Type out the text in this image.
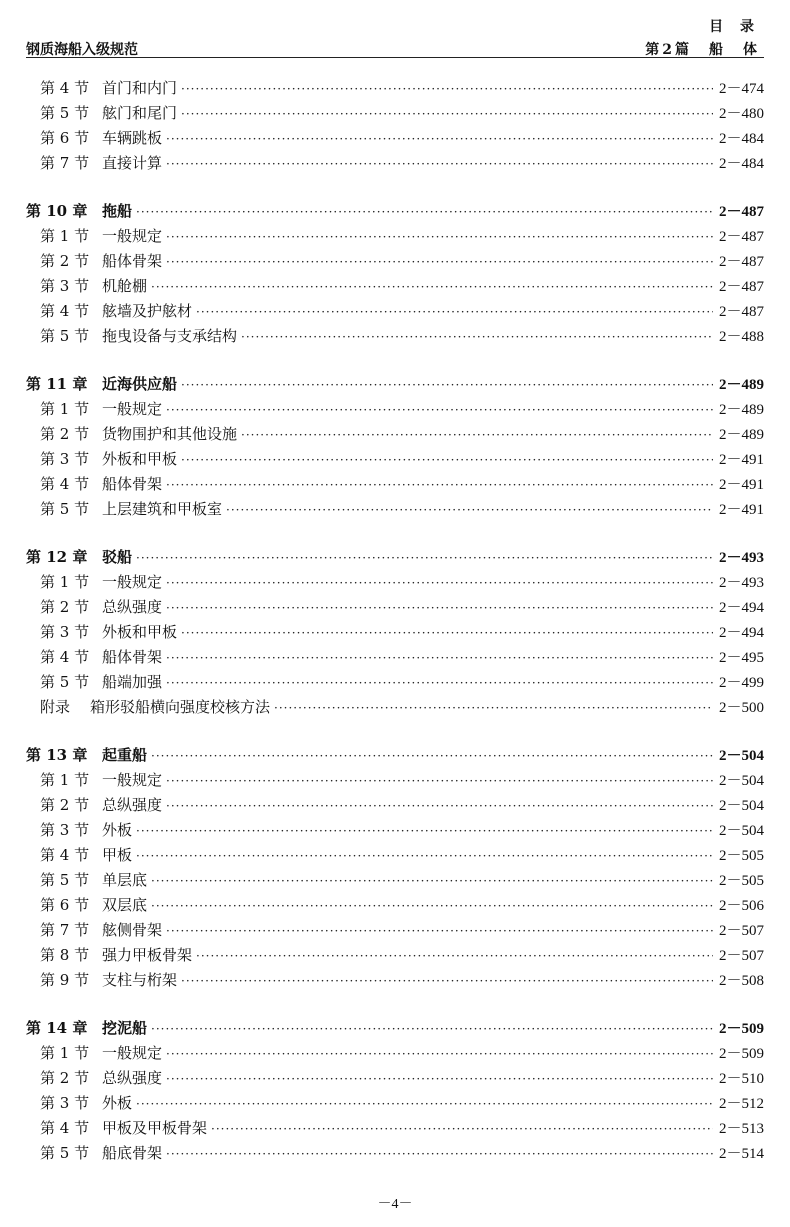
目 录
钢质海船入级规范	第2篇　船　体
第 4 节 首门和内门 ·····	2－474
第 5 节 舷门和尾门 ·····	2－480
第 6 节 车辆跳板 ·····	2－484
第 7 节 直接计算 ·····	2－484
第 10 章 拖船 ·····	2－487
第 1 节 一般规定 ·····	2－487
第 2 节 船体骨架 ·····	2－487
第 3 节 机舱棚 ·····	2－487
第 4 节 舷墙及护舷材 ·····	2－487
第 5 节 拖曳设备与支承结构 ·····	2－488
第 11 章 近海供应船 ·····	2－489
第 1 节 一般规定 ·····	2－489
第 2 节 货物围护和其他设施 ·····	2－489
第 3 节 外板和甲板 ·····	2－491
第 4 节 船体骨架 ·····	2－491
第 5 节 上层建筑和甲板室 ·····	2－491
第 12 章 驳船 ·····	2－493
第 1 节 一般规定 ·····	2－493
第 2 节 总纵强度 ·····	2－494
第 3 节 外板和甲板 ·····	2－494
第 4 节 船体骨架 ·····	2－495
第 5 节 船端加强 ·····	2－499
附录	箱形驳船横向强度校核方法 ·····	2－500
第 13 章 起重船 ·····	2－504
第 1 节 一般规定 ·····	2－504
第 2 节 总纵强度 ·····	2－504
第 3 节 外板 ·····	2－504
第 4 节 甲板 ·····	2－505
第 5 节 单层底 ·····	2－505
第 6 节 双层底 ·····	2－506
第 7 节 舷侧骨架 ·····	2－507
第 8 节 强力甲板骨架 ·····	2－507
第 9 节 支柱与桁架 ·····	2－508
第 14 章 挖泥船 ·····	2－509
第 1 节 一般规定 ·····	2－509
第 2 节 总纵强度 ·····	2－510
第 3 节 外板 ·····	2－512
第 4 节 甲板及甲板骨架 ·····	2－513
第 5 节 船底骨架 ·····	2－514
－4－
